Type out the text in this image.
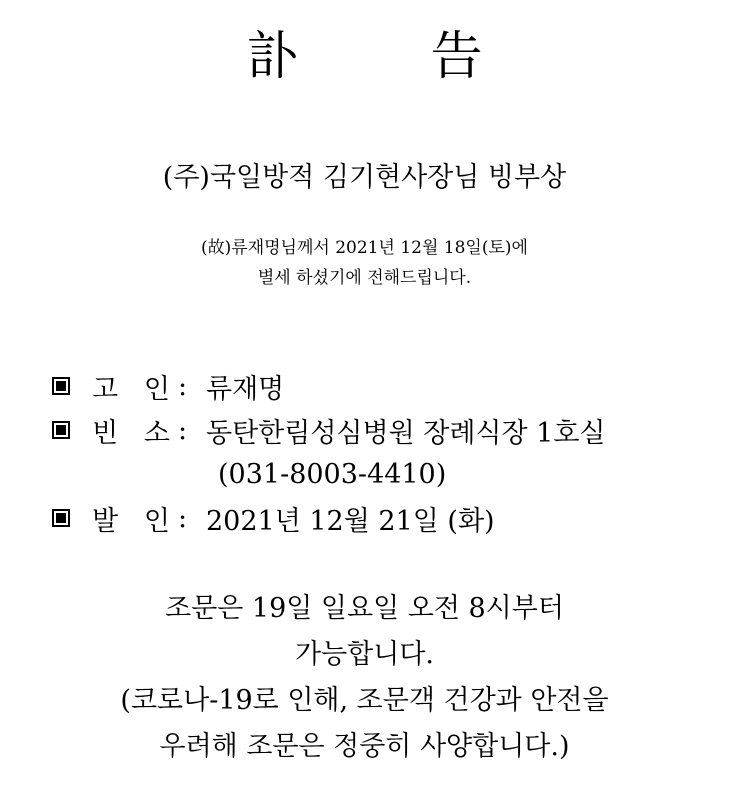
訃        告
(주)국일방적 김기현사장님 빙부상
(故)류재명님께서 2021년 12월 18일(토)에
별세 하셨기에 전해드립니다.
고   인 : 류재명
빈   소 : 동탄한림성심병원 장례식장 1호실
(031-8003-4410)
발   인 : 2021년 12월 21일 (화)
조문은 19일 일요일 오전 8시부터
가능합니다.
(코로나-19로 인해, 조문객 건강과 안전을
우려해 조문은 정중히 사양합니다.)
